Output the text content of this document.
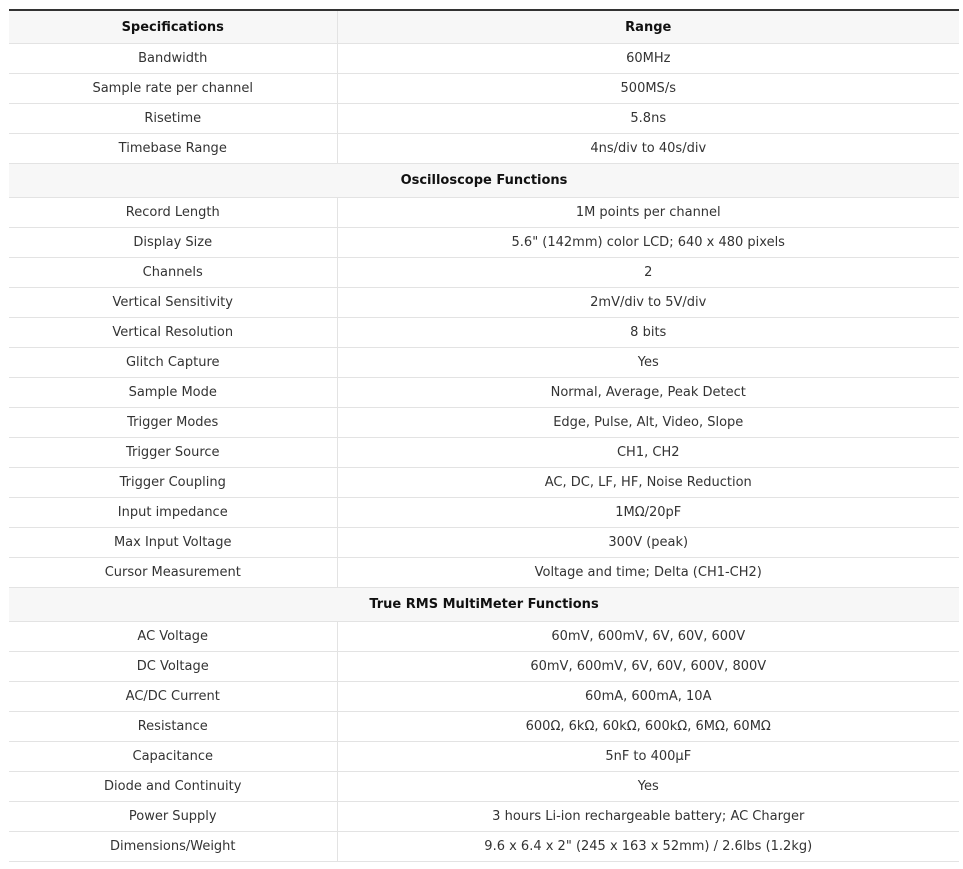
Specifications	Range
Bandwidth	60MHz
Sample rate per channel	500MS/s
Risetime	5.8ns
Timebase Range	4ns/div to 40s/div
Oscilloscope Functions	
Record Length	1M points per channel
Display Size	5.6" (142mm) color LCD; 640 x 480 pixels
Channels	2
Vertical Sensitivity	2mV/div to 5V/div
Vertical Resolution	8 bits
Glitch Capture	Yes
Sample Mode	Normal, Average, Peak Detect
Trigger Modes	Edge, Pulse, Alt, Video, Slope
Trigger Source	CH1, CH2
Trigger Coupling	AC, DC, LF, HF, Noise Reduction
Input impedance	1MΩ/20pF
Max Input Voltage	300V (peak)
Cursor Measurement	Voltage and time; Delta (CH1-CH2)
True RMS MultiMeter Functions	
AC Voltage	60mV, 600mV, 6V, 60V, 600V
DC Voltage	60mV, 600mV, 6V, 60V, 600V, 800V
AC/DC Current	60mA, 600mA, 10A
Resistance	600Ω, 6kΩ, 60kΩ, 600kΩ, 6MΩ, 60MΩ
Capacitance	5nF to 400µF
Diode and Continuity	Yes
Power Supply	3 hours Li-ion rechargeable battery; AC Charger
Dimensions/Weight	9.6 x 6.4 x 2" (245 x 163 x 52mm) / 2.6lbs (1.2kg)
